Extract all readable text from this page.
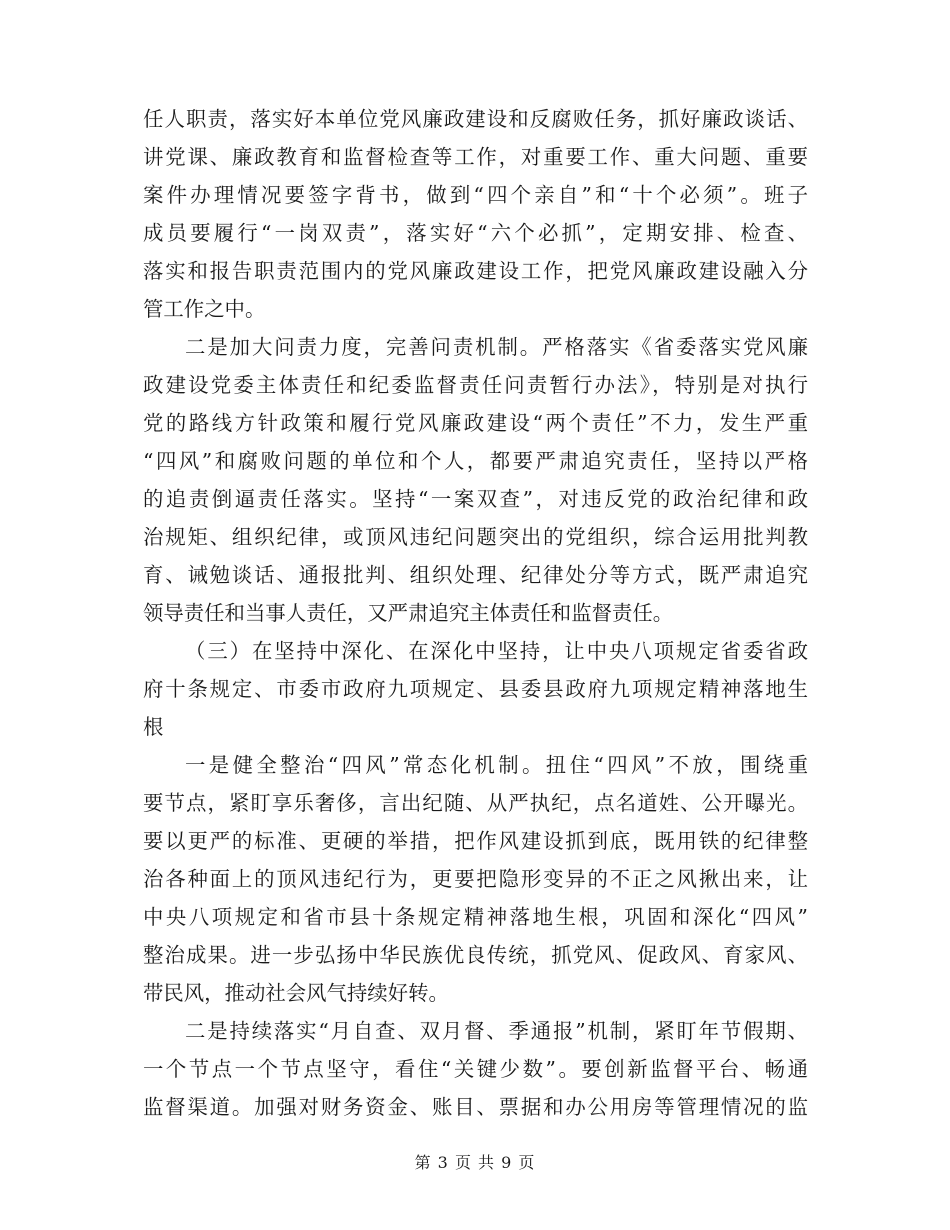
任人职责，落实好本单位党风廉政建设和反腐败任务，抓好廉政谈话、
讲党课、廉政教育和监督检查等工作，对重要工作、重大问题、重要
案件办理情况要签字背书，做到“四个亲自”和“十个必须”。班子
成员要履行“一岗双责”，落实好“六个必抓”，定期安排、检查、
落实和报告职责范围内的党风廉政建设工作，把党风廉政建设融入分
管工作之中。
二是加大问责力度，完善问责机制。严格落实《省委落实党风廉
政建设党委主体责任和纪委监督责任问责暂行办法》，特别是对执行
党的路线方针政策和履行党风廉政建设“两个责任”不力，发生严重
“四风”和腐败问题的单位和个人，都要严肃追究责任，坚持以严格
的追责倒逼责任落实。坚持“一案双查”，对违反党的政治纪律和政
治规矩、组织纪律，或顶风违纪问题突出的党组织，综合运用批判教
育、诫勉谈话、通报批判、组织处理、纪律处分等方式，既严肃追究
领导责任和当事人责任，又严肃追究主体责任和监督责任。
（三）在坚持中深化、在深化中坚持，让中央八项规定省委省政
府十条规定、市委市政府九项规定、县委县政府九项规定精神落地生
根
一是健全整治“四风”常态化机制。扭住“四风”不放，围绕重
要节点，紧盯享乐奢侈，言出纪随、从严执纪，点名道姓、公开曝光。
要以更严的标准、更硬的举措，把作风建设抓到底，既用铁的纪律整
治各种面上的顶风违纪行为，更要把隐形变异的不正之风揪出来，让
中央八项规定和省市县十条规定精神落地生根，巩固和深化“四风”
整治成果。进一步弘扬中华民族优良传统，抓党风、促政风、育家风、
带民风，推动社会风气持续好转。
二是持续落实“月自查、双月督、季通报”机制，紧盯年节假期、
一个节点一个节点坚守，看住“关键少数”。要创新监督平台、畅通
监督渠道。加强对财务资金、账目、票据和办公用房等管理情况的监
第 3 页 共 9 页
